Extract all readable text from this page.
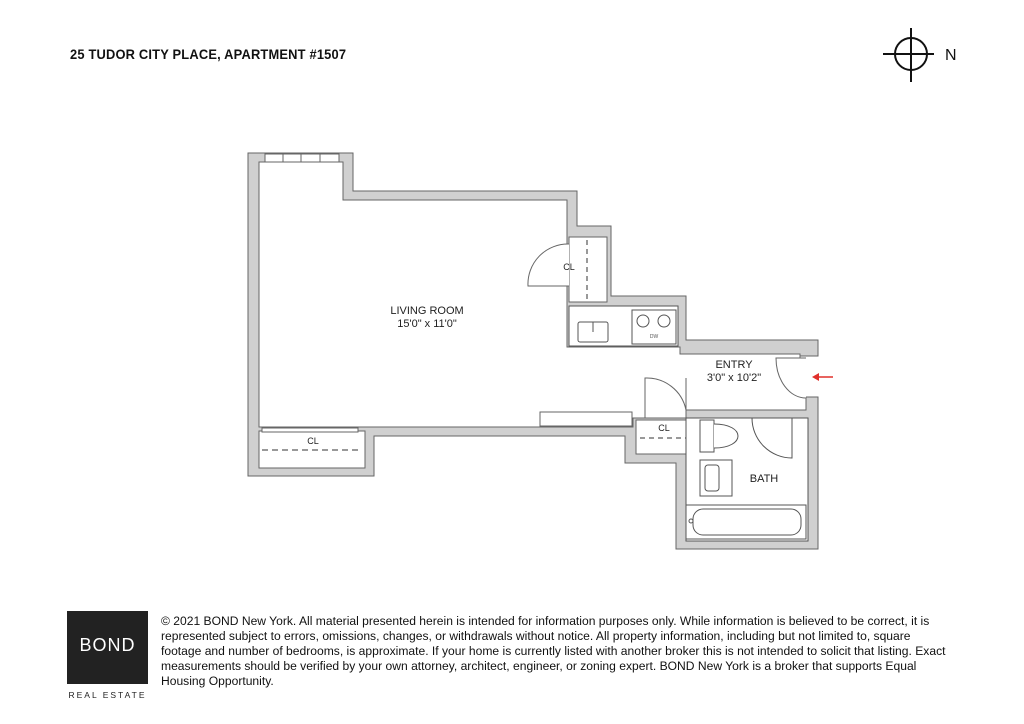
25 TUDOR CITY PLACE, APARTMENT #1507	N
DW
LIVING ROOM
15'0" x 11'0"
ENTRY
3'0" x 10'2"
BATH
CL
CL
CL
BOND
REAL ESTATE
© 2021 BOND New York. All material presented herein is intended for information purposes only. While information is believed to be correct, it is represented subject to errors, omissions, changes, or withdrawals without notice. All property information, including but not limited to, square footage and number of bedrooms, is approximate. If your home is currently listed with another broker this is not intended to solicit that listing. Exact measurements should be verified by your own attorney, architect, engineer, or zoning expert. BOND New York is a broker that supports Equal Housing Opportunity.
